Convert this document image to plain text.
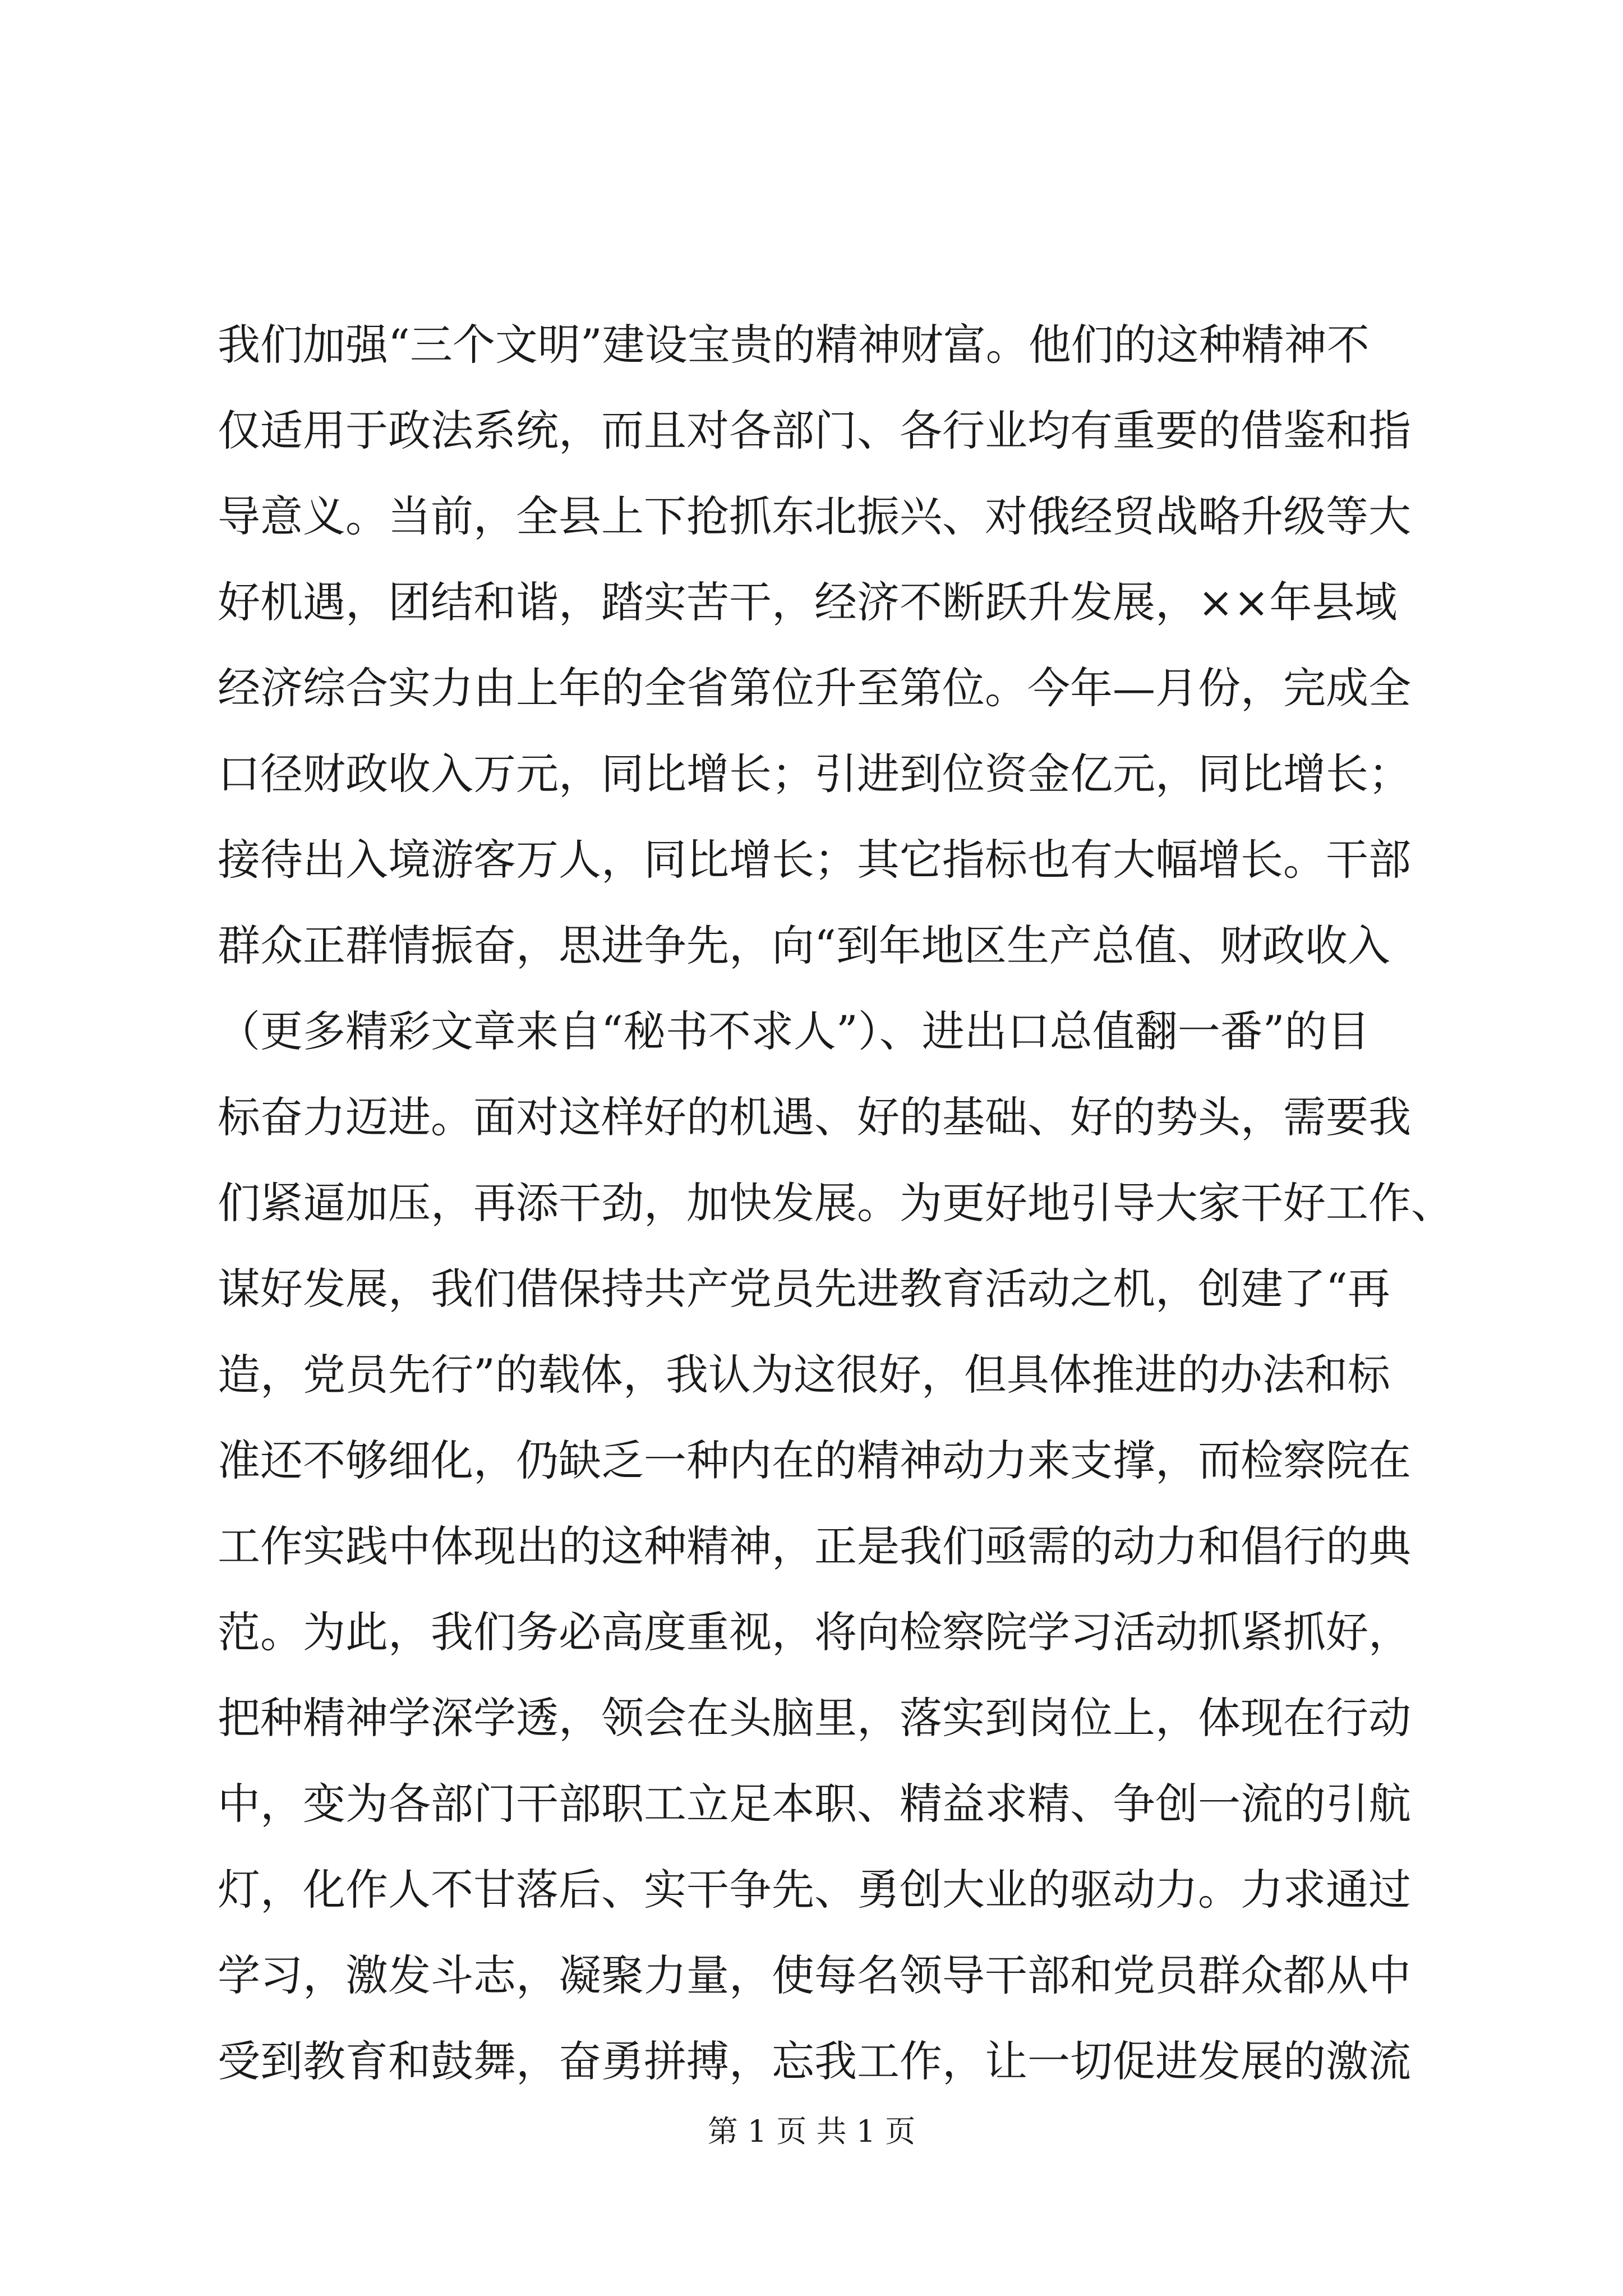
我们加强“三个文明”建设宝贵的精神财富。他们的这种精神不
仅适用于政法系统，而且对各部门、各行业均有重要的借鉴和指
导意义。当前，全县上下抢抓东北振兴、对俄经贸战略升级等大
好机遇，团结和谐，踏实苦干，经济不断跃升发展，××年县域
经济综合实力由上年的全省第位升至第位。今年—月份，完成全
口径财政收入万元，同比增长；引进到位资金亿元，同比增长；
接待出入境游客万人，同比增长；其它指标也有大幅增长。干部
群众正群情振奋，思进争先，向“到年地区生产总值、财政收入
（更多精彩文章来自“秘书不求人”）、进出口总值翻一番”的目
标奋力迈进。面对这样好的机遇、好的基础、好的势头，需要我
们紧逼加压，再添干劲，加快发展。为更好地引导大家干好工作、
谋好发展，我们借保持共产党员先进教育活动之机，创建了“再
造，党员先行”的载体，我认为这很好，但具体推进的办法和标
准还不够细化，仍缺乏一种内在的精神动力来支撑，而检察院在
工作实践中体现出的这种精神，正是我们亟需的动力和倡行的典
范。为此，我们务必高度重视，将向检察院学习活动抓紧抓好，
把种精神学深学透，领会在头脑里，落实到岗位上，体现在行动
中，变为各部门干部职工立足本职、精益求精、争创一流的引航
灯，化作人不甘落后、实干争先、勇创大业的驱动力。力求通过
学习，激发斗志，凝聚力量，使每名领导干部和党员群众都从中
受到教育和鼓舞，奋勇拼搏，忘我工作，让一切促进发展的激流
第 1 页 共 1 页
